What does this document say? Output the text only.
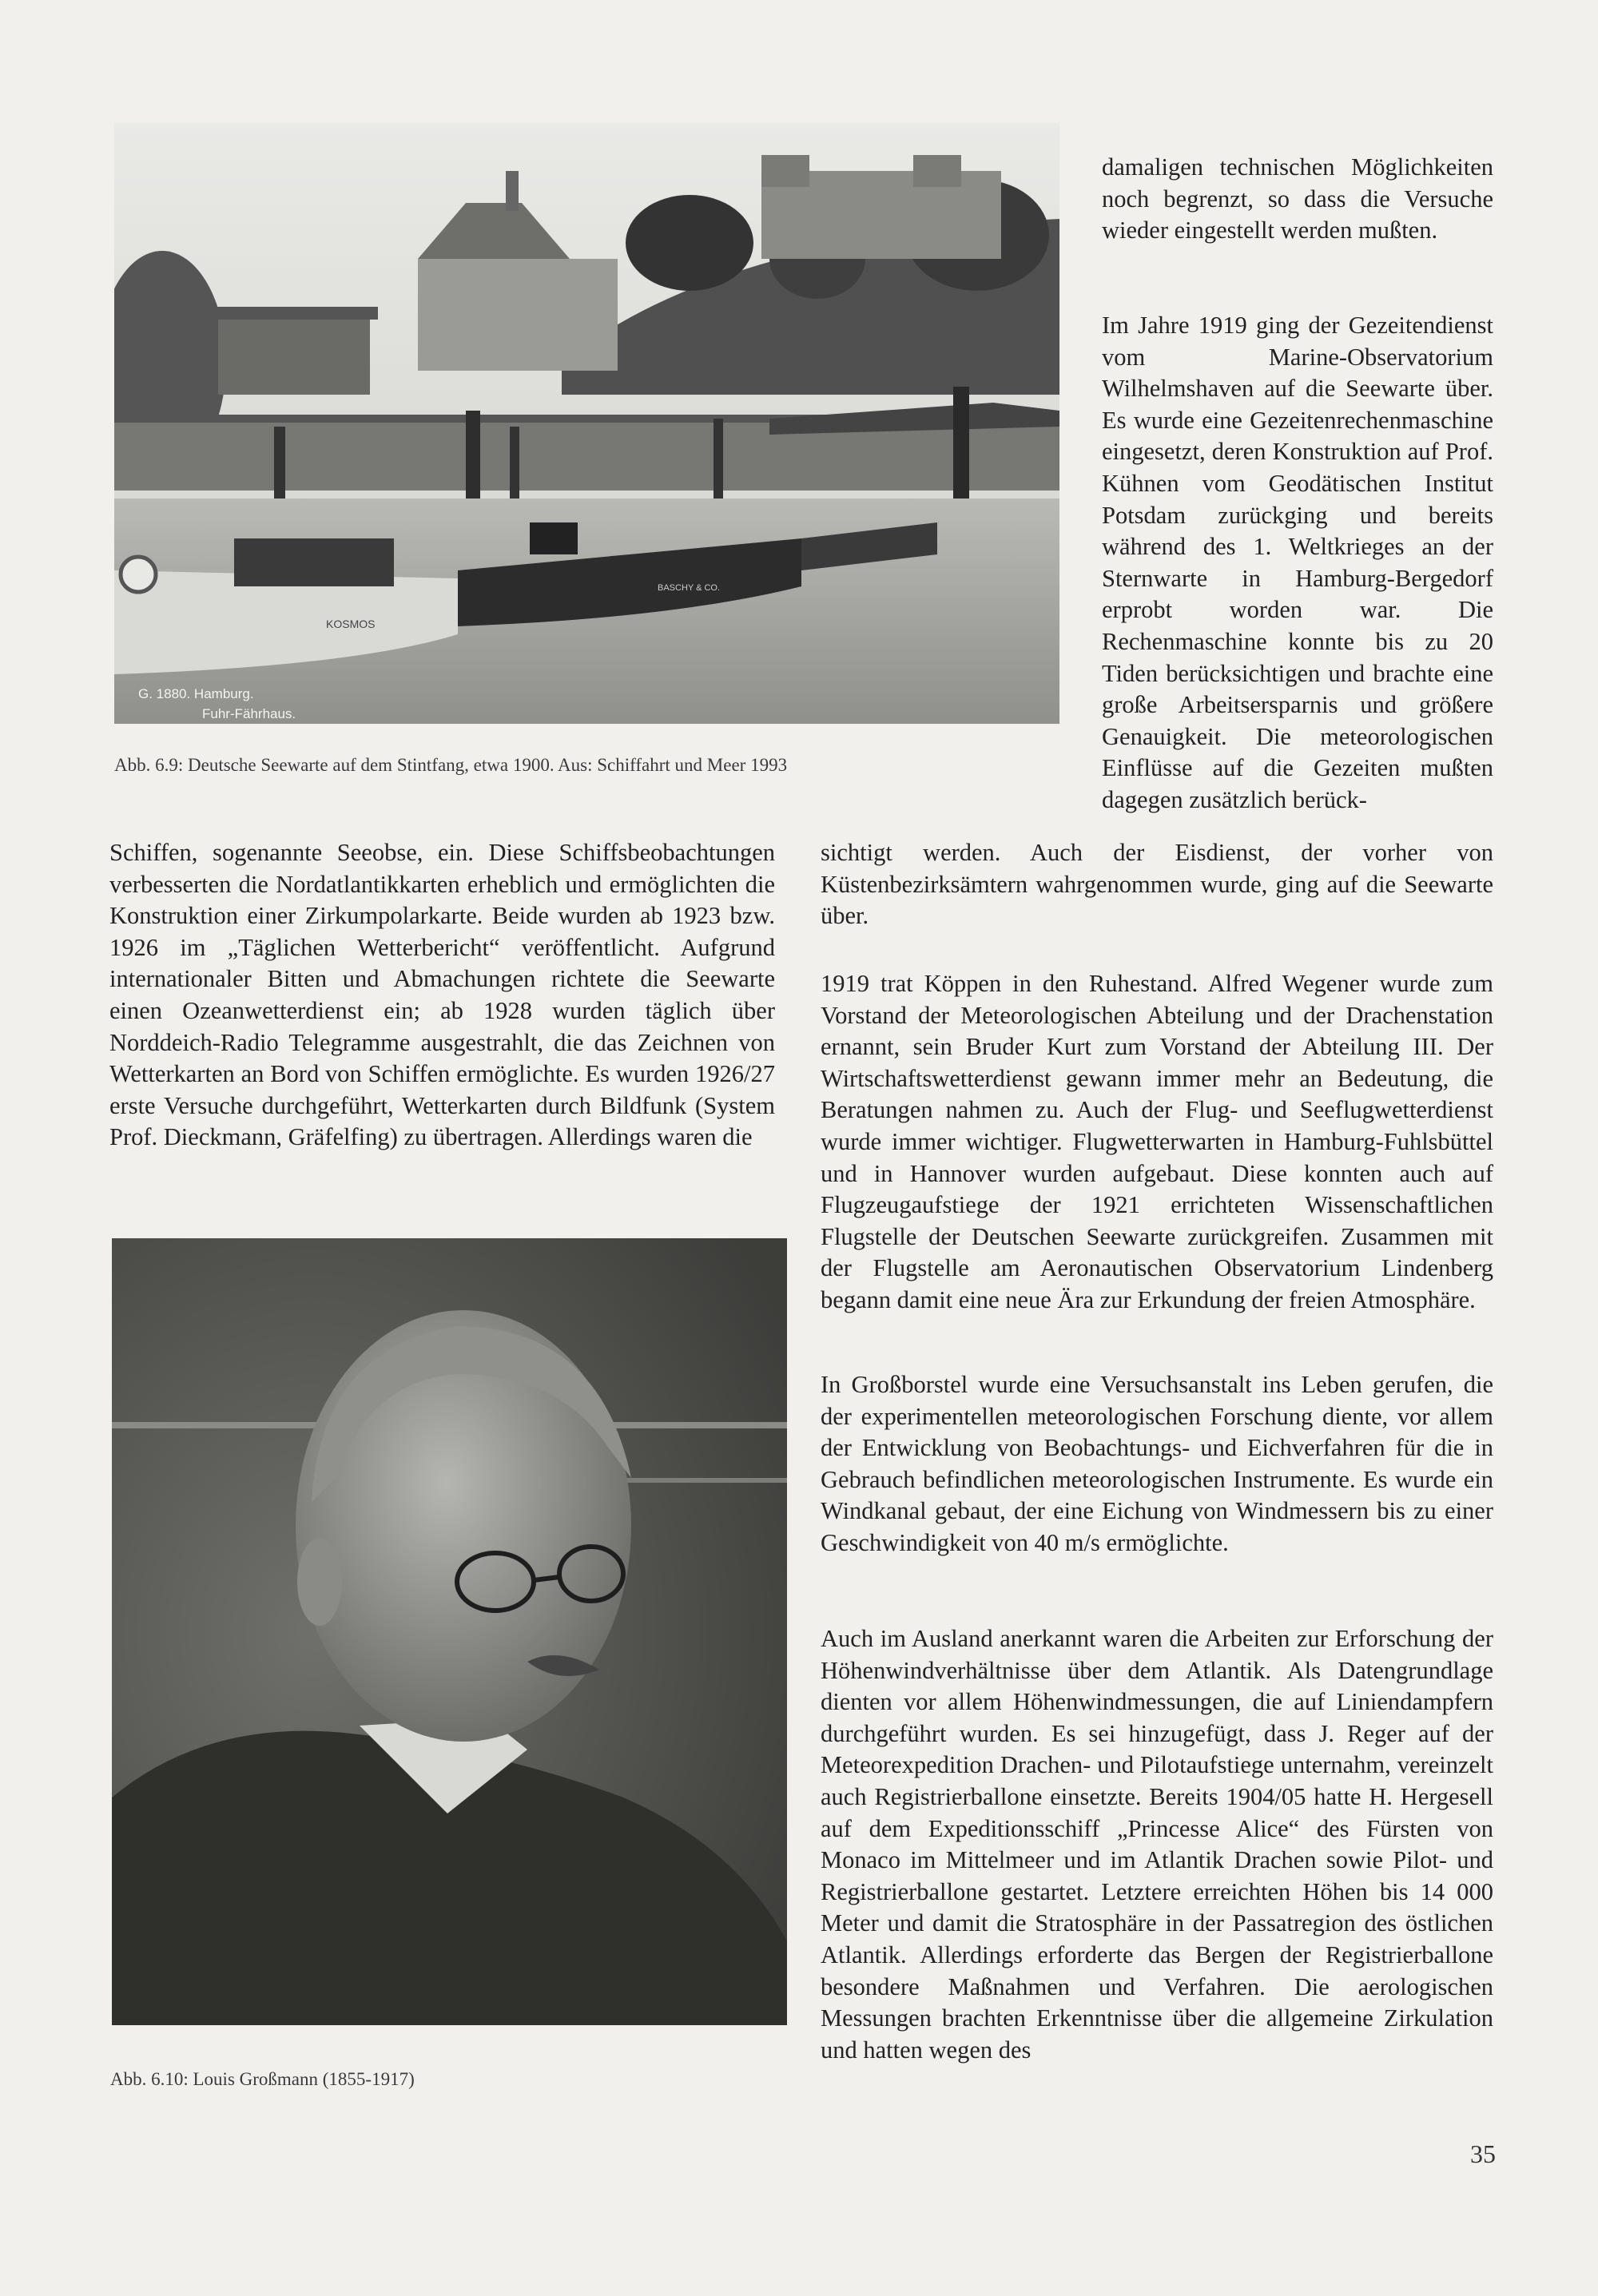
KOSMOS
BASCHY & CO.
G. 1880. Hamburg.
Fuhr-Fährhaus.
Abb. 6.9: Deutsche Seewarte auf dem Stintfang, etwa 1900. Aus: Schiffahrt und Meer 1993

damaligen technischen Möglichkeiten noch begrenzt, so dass die Versuche wieder eingestellt werden mußten.

Im Jahre 1919 ging der Gezeitendienst vom Marine-Observatorium Wilhelmshaven auf die Seewarte über. Es wurde eine Gezeitenrechenmaschine eingesetzt, deren Konstruktion auf Prof. Kühnen vom Geodätischen Institut Potsdam zurückging und bereits während des 1. Weltkrieges an der Sternwarte in Hamburg-Bergedorf erprobt worden war. Die Rechenmaschine konnte bis zu 20 Tiden berücksichtigen und brachte eine große Arbeitsersparnis und größere Genauigkeit. Die meteorologischen Einflüsse auf die Gezeiten mußten dagegen zusätzlich berück-

sichtigt werden. Auch der Eisdienst, der vorher von Küstenbezirksämtern wahrgenommen wurde, ging auf die Seewarte über.

Schiffen, sogenannte Seeobse, ein. Diese Schiffsbeobachtungen verbesserten die Nordatlantikkarten erheblich und ermöglichten die Konstruktion einer Zirkumpolarkarte. Beide wurden ab 1923 bzw. 1926 im „Täglichen Wetterbericht“ veröffentlicht. Aufgrund internationaler Bitten und Abmachungen richtete die Seewarte einen Ozeanwetterdienst ein; ab 1928 wurden täglich über Norddeich-Radio Telegramme ausgestrahlt, die das Zeichnen von Wetterkarten an Bord von Schiffen ermöglichte. Es wurden 1926/27 erste Versuche durchgeführt, Wetterkarten durch Bildfunk (System Prof. Dieckmann, Gräfelfing) zu übertragen. Allerdings waren die

Abb. 6.10: Louis Großmann (1855-1917)

1919 trat Köppen in den Ruhestand. Alfred Wegener wurde zum Vorstand der Meteorologischen Abteilung und der Drachenstation ernannt, sein Bruder Kurt zum Vorstand der Abteilung III. Der Wirtschaftswetterdienst gewann immer mehr an Bedeutung, die Beratungen nahmen zu. Auch der Flug- und Seeflugwetterdienst wurde immer wichtiger. Flugwetterwarten in Hamburg-Fuhlsbüttel und in Hannover wurden aufgebaut. Diese konnten auch auf Flugzeugaufstiege der 1921 errichteten Wissenschaftlichen Flugstelle der Deutschen Seewarte zurückgreifen. Zusammen mit der Flugstelle am Aeronautischen Observatorium Lindenberg begann damit eine neue Ära zur Erkundung der freien Atmosphäre.

In Großborstel wurde eine Versuchsanstalt ins Leben gerufen, die der experimentellen meteorologischen Forschung diente, vor allem der Entwicklung von Beobachtungs- und Eichverfahren für die in Gebrauch befindlichen meteorologischen Instrumente. Es wurde ein Windkanal gebaut, der eine Eichung von Windmessern bis zu einer Geschwindigkeit von 40 m/s ermöglichte.

Auch im Ausland anerkannt waren die Arbeiten zur Erforschung der Höhenwindverhältnisse über dem Atlantik. Als Datengrundlage dienten vor allem Höhenwindmessungen, die auf Liniendampfern durchgeführt wurden. Es sei hinzugefügt, dass J. Reger auf der Meteorexpedition Drachen- und Pilotaufstiege unternahm, vereinzelt auch Registrierballone einsetzte. Bereits 1904/05 hatte H. Hergesell auf dem Expeditionsschiff „Princesse Alice“ des Fürsten von Monaco im Mittelmeer und im Atlantik Drachen sowie Pilot- und Registrierballone gestartet. Letztere erreichten Höhen bis 14 000 Meter und damit die Stratosphäre in der Passatregion des östlichen Atlantik. Allerdings erforderte das Bergen der Registrierballone besondere Maßnahmen und Verfahren. Die aerologischen Messungen brachten Erkenntnisse über die allgemeine Zirkulation und hatten wegen des

35
